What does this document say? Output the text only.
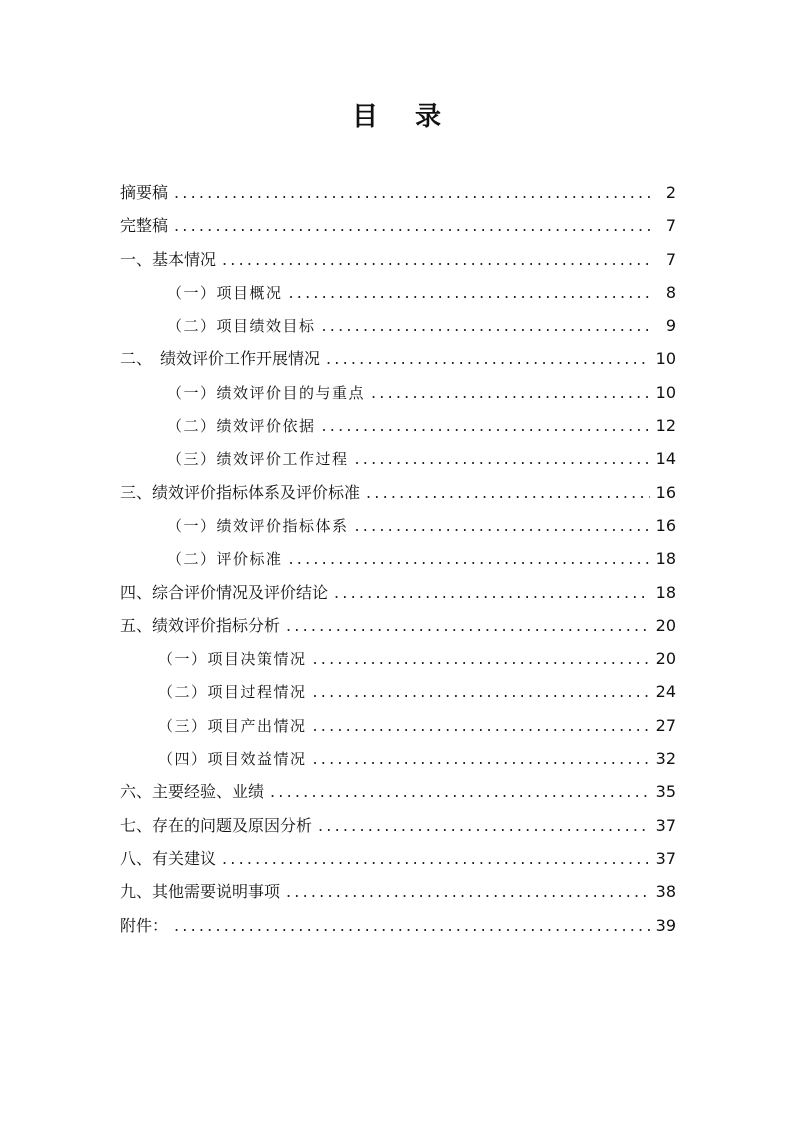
目 录
摘要稿 .....	2
完整稿 .....	7
一、基本情况 .....	7
（一）项目概况 .....	8
（二）项目绩效目标 .....	9
二、　绩效评价工作开展情况 .....	10
（一）绩效评价目的与重点 .....	10
（二）绩效评价依据 .....	12
（三）绩效评价工作过程 .....	14
三、绩效评价指标体系及评价标准 .....	16
（一）绩效评价指标体系 .....	16
（二）评价标准 .....	18
四、综合评价情况及评价结论 .....	18
五、绩效评价指标分析 .....	20
（一）项目决策情况 .....	20
（二）项目过程情况 .....	24
（三）项目产出情况 .....	27
（四）项目效益情况 .....	32
六、主要经验、业绩 .....	35
七、存在的问题及原因分析 .....	37
八、有关建议 .....	37
九、其他需要说明事项 .....	38
附件： .....	39
